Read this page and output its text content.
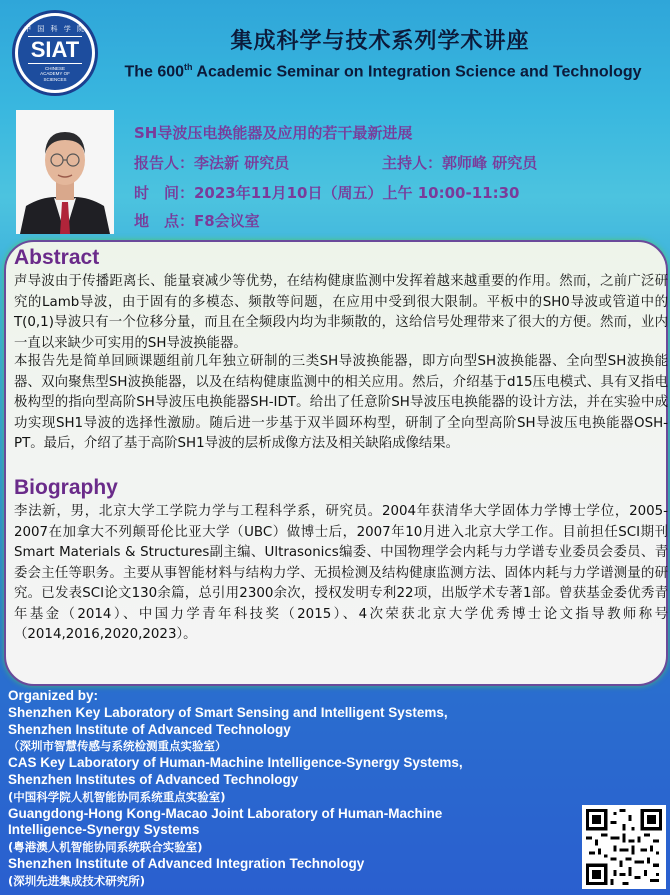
中 国 科 学 院
SIAT
CHINESE
ACADEMY OF
SCIENCES
集成科学与技术系列学术讲座
The 600th Academic Seminar on Integration Science and Technology
SH导波压电换能器及应用的若干最新进展
报告人：李法新 研究员	主持人：郭师峰 研究员
时　间：2023年11月10日（周五）上午 10:00-11:30
地　点：F8会议室
Abstract
声导波由于传播距离长、能量衰减少等优势，在结构健康监测中发挥着越来越重要的作用。然而，之前广泛研究的Lamb导波，由于固有的多模态、频散等问题，在应用中受到很大限制。平板中的SH0导波或管道中的T(0,1)导波只有一个位移分量，而且在全频段内均为非频散的，这给信号处理带来了很大的方便。然而，业内一直以来缺少可实用的SH导波换能器。
本报告先是简单回顾课题组前几年独立研制的三类SH导波换能器，即方向型SH波换能器、全向型SH波换能器、双向聚焦型SH波换能器，以及在结构健康监测中的相关应用。然后，介绍基于d15压电模式、具有叉指电极构型的指向型高阶SH导波压电换能器SH-IDT。给出了任意阶SH导波压电换能器的设计方法，并在实验中成功实现SH1导波的选择性激励。随后进一步基于双半圆环构型，研制了全向型高阶SH导波压电换能器OSH-PT。最后，介绍了基于高阶SH1导波的层析成像方法及相关缺陷成像结果。
Biography
李法新，男，北京大学工学院力学与工程科学系，研究员。2004年获清华大学固体力学博士学位，2005-2007在加拿大不列颠哥伦比亚大学（UBC）做博士后，2007年10月进入北京大学工作。目前担任SCI期刊Smart Materials & Structures副主编、Ultrasonics编委、中国物理学会内耗与力学谱专业委员会委员、青委会主任等职务。主要从事智能材料与结构力学、无损检测及结构健康监测方法、固体内耗与力学谱测量的研究。已发表SCI论文130余篇，总引用2300余次，授权发明专利22项，出版学术专著1部。曾获基金委优秀青年基金（2014）、中国力学青年科技奖（2015）、4次荣获北京大学优秀博士论文指导教师称号（2014,2016,2020,2023）。
Organized by:
Shenzhen Key Laboratory of Smart Sensing and Intelligent Systems,
Shenzhen Institute of Advanced Technology
（深圳市智慧传感与系统检测重点实验室）
CAS Key Laboratory of Human-Machine Intelligence-Synergy Systems,
Shenzhen Institutes of Advanced Technology
(中国科学院人机智能协同系统重点实验室)
Guangdong-Hong Kong-Macao Joint Laboratory of Human-Machine
Intelligence-Synergy Systems
(粤港澳人机智能协同系统联合实验室)
Shenzhen Institute of Advanced Integration Technology
(深圳先进集成技术研究所)
